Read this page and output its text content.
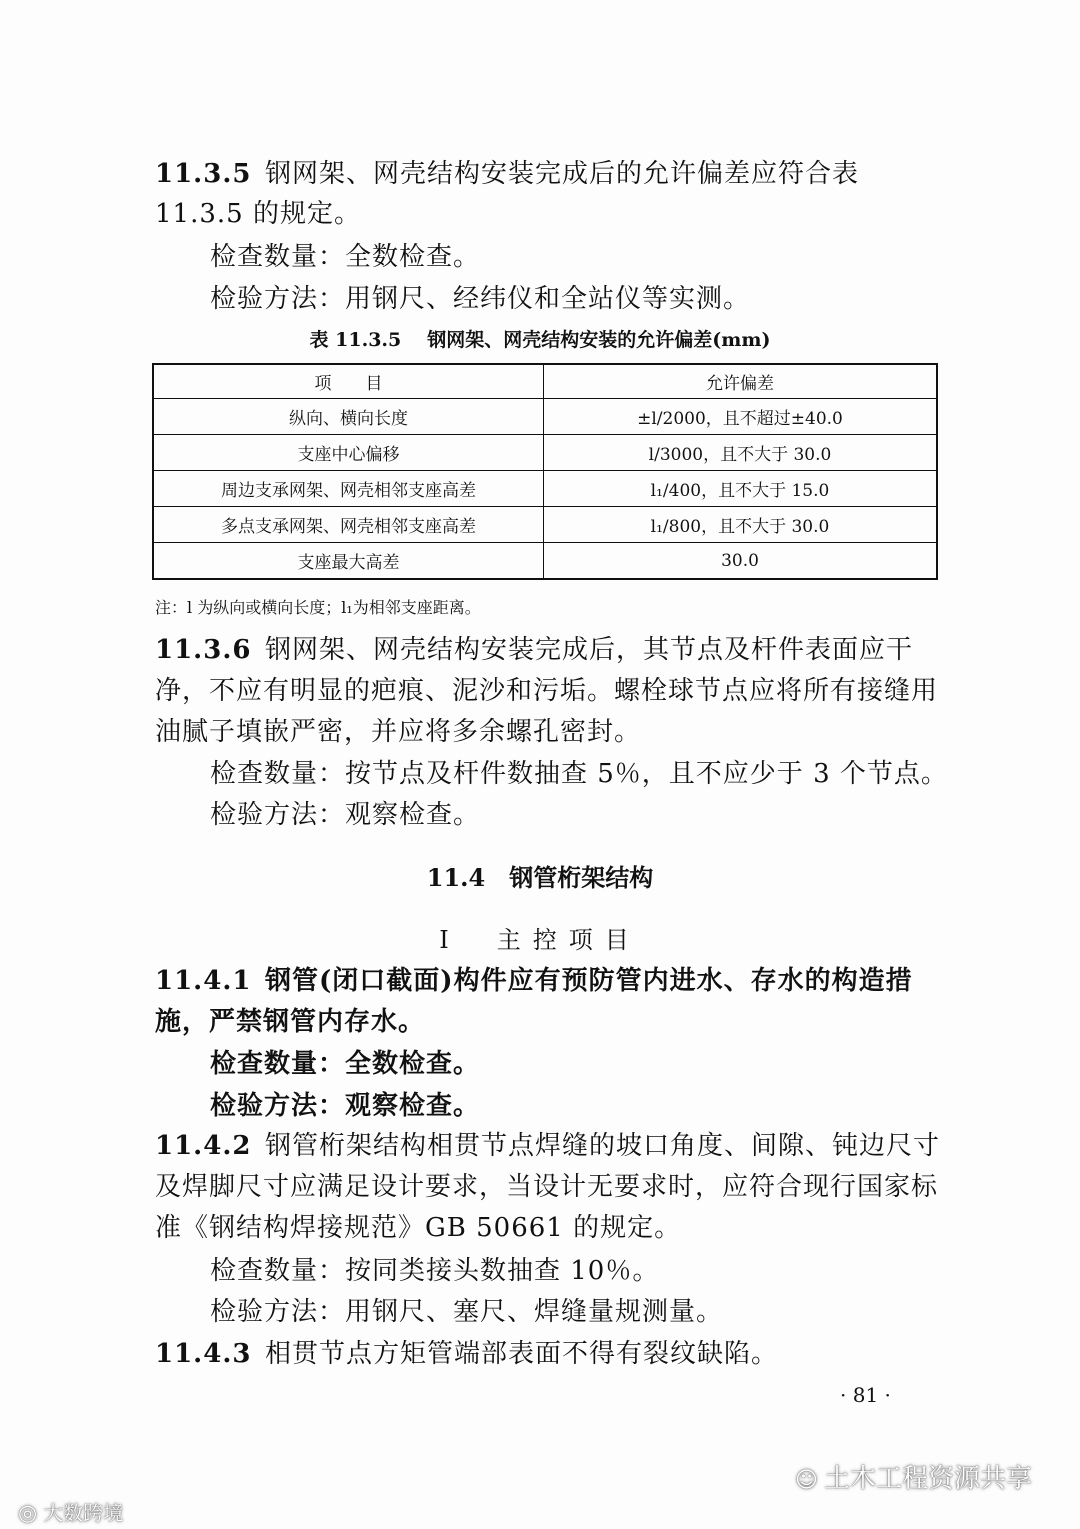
11.3.5 钢网架、网壳结构安装完成后的允许偏差应符合表
11.3.5 的规定。
检查数量：全数检查。
检验方法：用钢尺、经纬仪和全站仪等实测。
表 11.3.5 钢网架、网壳结构安装的允许偏差(mm)
项　　目	允许偏差
纵向、横向长度	±l/2000，且不超过±40.0
支座中心偏移	l/3000，且不大于 30.0
周边支承网架、网壳相邻支座高差	l₁/400，且不大于 15.0
多点支承网架、网壳相邻支座高差	l₁/800，且不大于 30.0
支座最大高差	30.0
注：l 为纵向或横向长度；l₁为相邻支座距离。
11.3.6 钢网架、网壳结构安装完成后，其节点及杆件表面应干
净，不应有明显的疤痕、泥沙和污垢。螺栓球节点应将所有接缝用
油腻子填嵌严密，并应将多余螺孔密封。
检查数量：按节点及杆件数抽查 5％，且不应少于 3 个节点。
检验方法：观察检查。
11.4 钢管桁架结构
Ⅰ　主控项目
11.4.1 钢管(闭口截面)构件应有预防管内进水、存水的构造措
施，严禁钢管内存水。
检查数量：全数检查。
检验方法：观察检查。
11.4.2 钢管桁架结构相贯节点焊缝的坡口角度、间隙、钝边尺寸
及焊脚尺寸应满足设计要求，当设计无要求时，应符合现行国家标
准《钢结构焊接规范》GB 50661 的规定。
检查数量：按同类接头数抽查 10％。
检验方法：用钢尺、塞尺、焊缝量规测量。
11.4.3 相贯节点方矩管端部表面不得有裂纹缺陷。
· 81 ·
◎ 大数跨境
☺ 土木工程资源共享
